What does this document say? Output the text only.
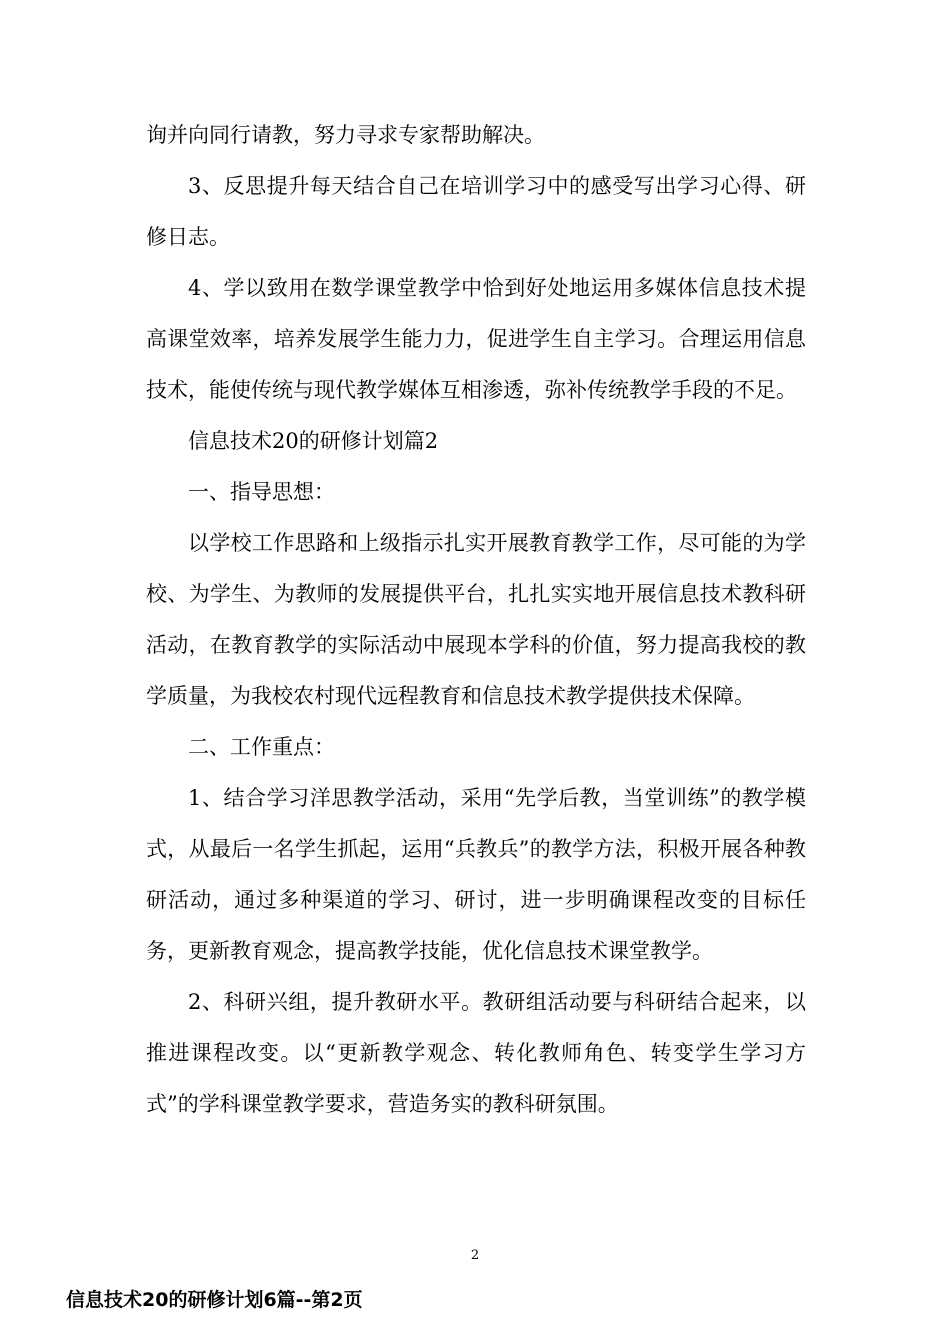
询并向同行请教，努力寻求专家帮助解决。

3、反思提升每天结合自己在培训学习中的感受写出学习心得、研修日志。

4、学以致用在数学课堂教学中恰到好处地运用多媒体信息技术提高课堂效率，培养发展学生能力力，促进学生自主学习。合理运用信息技术，能使传统与现代教学媒体互相渗透，弥补传统教学手段的不足。

信息技术20的研修计划篇2

一、指导思想：

以学校工作思路和上级指示扎实开展教育教学工作，尽可能的为学校、为学生、为教师的发展提供平台，扎扎实实地开展信息技术教科研活动，在教育教学的实际活动中展现本学科的价值，努力提高我校的教学质量，为我校农村现代远程教育和信息技术教学提供技术保障。

二、工作重点：

1、结合学习洋思教学活动，采用“先学后教，当堂训练”的教学模式，从最后一名学生抓起，运用“兵教兵”的教学方法，积极开展各种教研活动，通过多种渠道的学习、研讨，进一步明确课程改变的目标任务，更新教育观念，提高教学技能，优化信息技术课堂教学。

2、科研兴组，提升教研水平。教研组活动要与科研结合起来，以推进课程改变。以“更新教学观念、转化教师角色、转变学生学习方式”的学科课堂教学要求，营造务实的教科研氛围。

2
信息技术20的研修计划6篇--第2页
